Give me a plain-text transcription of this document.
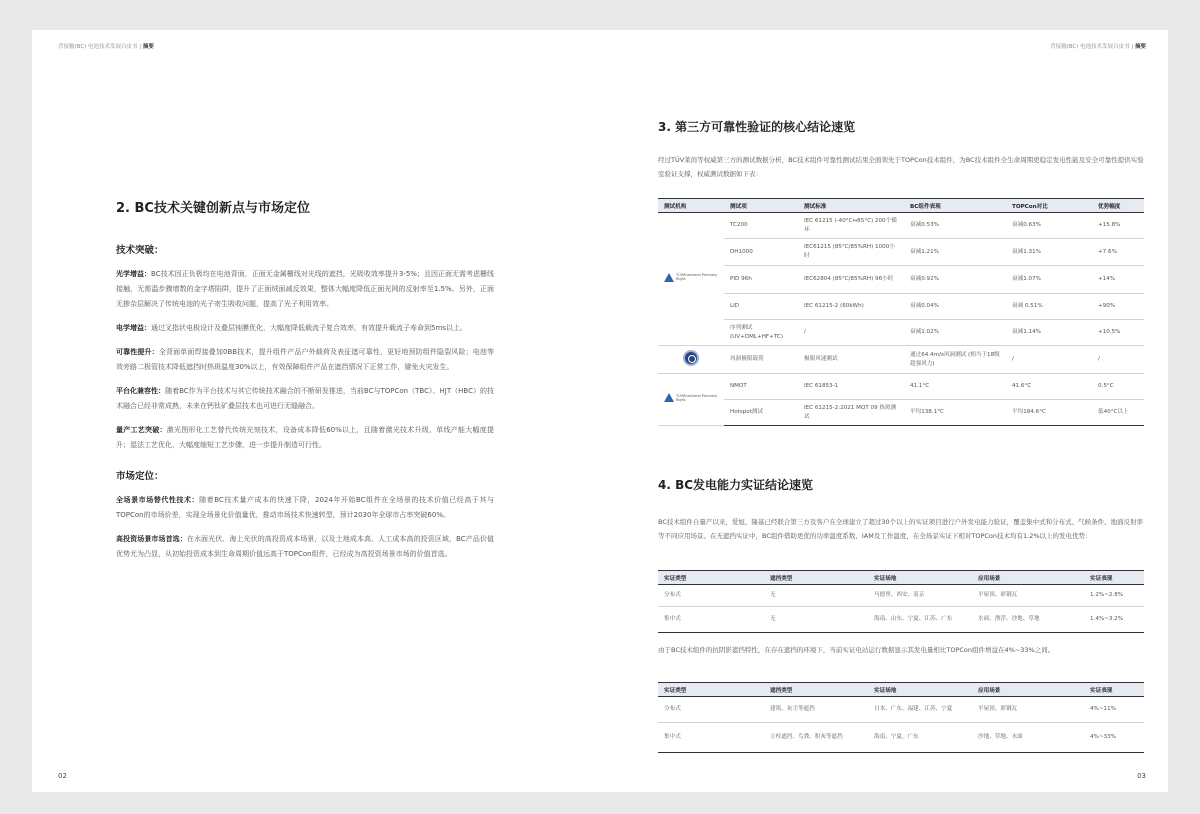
背接触(BC) 电池技术发展白皮书 | 摘要
2. BC技术关键创新点与市场定位
技术突破：

光学增益：BC技术因正负极均在电池背面，正面无金属栅线对光线的遮挡，光吸收效率提升3-5%；且因正面无需考虑栅线接触，无需温步骤增数的金字塔陷阱，提升了正面绒面减反效果，整体大幅度降低正面光网的反射率至1.5%。另外，正面无掺杂层解决了传统电池的光子寄生吸收问题，提高了光子利用效率。

电学增益：通过叉指状电极设计及叠层钝膜优化，大幅度降低载流子复合效率，有效提升载流子寿命到5ms以上。

可靠性提升：全背面单面焊接叠加0BB技术，提升组件产品户外载荷及表征遮可靠性，更好地预防组件隐裂风险；电池等效旁路二极管技术降低遮挡时热斑温度30%以上，有效保障组件产品在遮挡情况下正常工作，避免火灾发生。

平台化兼容性：随着BC作为平台技术与其它传统技术融合的不断研发推进，当前BC与TOPCon（TBC）、HJT（HBC）的技术融合已经非常成熟，未来在钙钛矿叠层技术也可进行无缝融合。

量产工艺突破：激光图形化工艺替代传统光刻技术，设备成本降低60%以上，且随着激光技术升级，单线产能大幅度提升；湿法工艺优化，大幅度缩短工艺步骤，进一步提升制造可行性。

市场定位：

全场景市场替代性技术：随着BC技术量产成本的快速下降，2024年开始BC组件在全场景的技术价值已经高于其与TOPCon的市场价差，实现全场景化价值量优，推动市场技术快速转型，预计2030年全球市占率突破60%。

高投资场景市场首选：在水面光伏、海上光伏的高投资成本场景，以及土地成本高、人工成本高的投资区域，BC产品价值优势尤为凸显，从初始投资成本到生命周期价值远高于TOPCon组件，已经成为高投资场景市场的价值首选。

02
背接触(BC) 电池技术发展白皮书 | 摘要
3. 第三方可靠性验证的核心结论速览

经过TÜV莱茵等权威第三方的测试数据分析，BC技术组件可靠性测试结果全面领先于TOPCon技术组件，为BC技术组件全生命周期更稳定发电性能及安全可靠性提供实验室验证支撑，权威测试数据如下表：

测试机构	测试项	测试标准	BC组件表现	TOPCon对比	优势幅度

TÜVRheinland Precisely Right.	TC200	IEC 61215 (-40°C↔85°C) 200个循环	衰减0.53%	衰减0.63%	+15.8%
	DH1000	IEC61215 (85°C/85%RH) 1000小时	衰减1.21%	衰减1.31%	+7.6%
	PID 96h	IEC62804 (85°C/85%RH) 96小时	衰减0.92%	衰减1.07%	+14%
	LID	IEC 61215-2 (60kWh)	衰减0.04%	衰减 0.51%	+90%
	序列测试 (UV+DML+HF+TC)	/	衰减1.02%	衰减1.14%	+10.5%
	风洞极限载荷	极限风速测试	通过64.4m/s风洞测试 (相当于18级超强风力)	/	/

TÜVRheinland Precisely Right.	NMOT	IEC 61853-1	41.1°C	41.6°C	0.5°C
	Hotspot测试	IEC 61215-2:2021 MQT 09 热斑测试	平均138.1°C	平均184.6°C	低40°C以上
4. BC发电能力实证结论速览

BC技术组件自量产以来，爱旭、隆基已经联合第三方及客户在全球建立了超过30个以上的实证项目进行户外发电能力验证，覆盖集中式和分布式、气候条件、地面反射率等不同应用场景。在无遮挡实证中，BC组件借助更优的功率温度系数、IAM及工作温度，在全场景实证下相对TOPCon技术均有1.2%以上的发电优势：

实证类型	遮挡类型	实证场地	应用场景	实证表现
分布式	无	马德里、西安、南京	平屋顶、彩钢瓦	1.2%~2.8%
集中式	无	海南、山东、宁夏、江苏、广东	水面、渔浮、沙地、草地	1.4%~3.2%

由于BC技术组件的抗阴影遮挡特性，在存在遮挡的环境下，当前实证电站运行数据显示其发电量相比TOPCon组件增益在4%~33%之间。

实证类型	遮挡类型	实证场地	应用场景	实证表现
分布式	建筑、灰尘等遮挡	日本、广东、福建、江苏、宁夏	平屋顶、彩钢瓦	4%~11%
集中式	立柱遮挡、鸟粪、积灰等遮挡	海南、宁夏、广东	沙地、草地、水面	4%~33%
03
